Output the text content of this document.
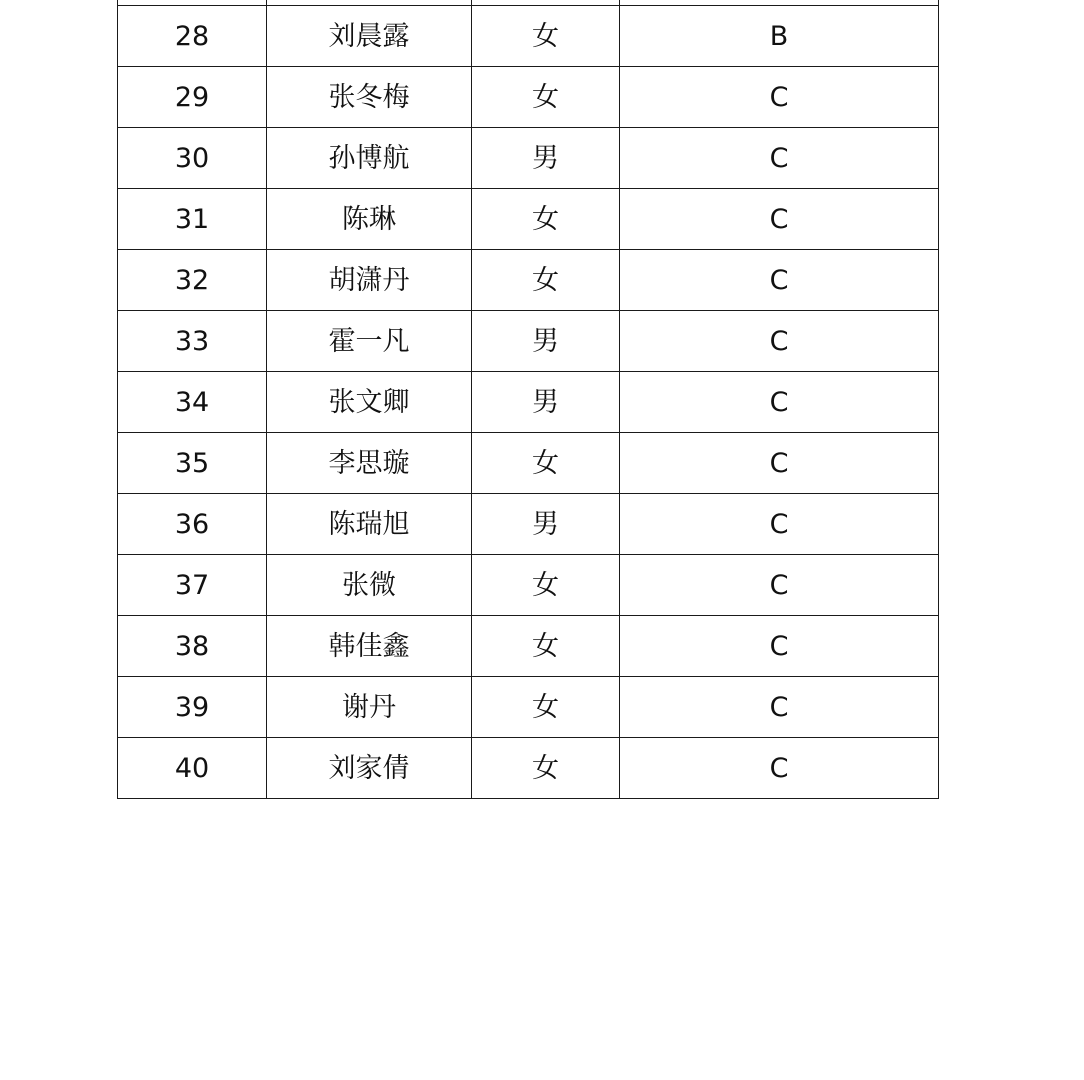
28	刘晨露	女	B
29	张冬梅	女	C
30	孙博航	男	C
31	陈琳	女	C
32	胡潇丹	女	C
33	霍一凡	男	C
34	张文卿	男	C
35	李思璇	女	C
36	陈瑞旭	男	C
37	张微	女	C
38	韩佳鑫	女	C
39	谢丹	女	C
40	刘家倩	女	C
